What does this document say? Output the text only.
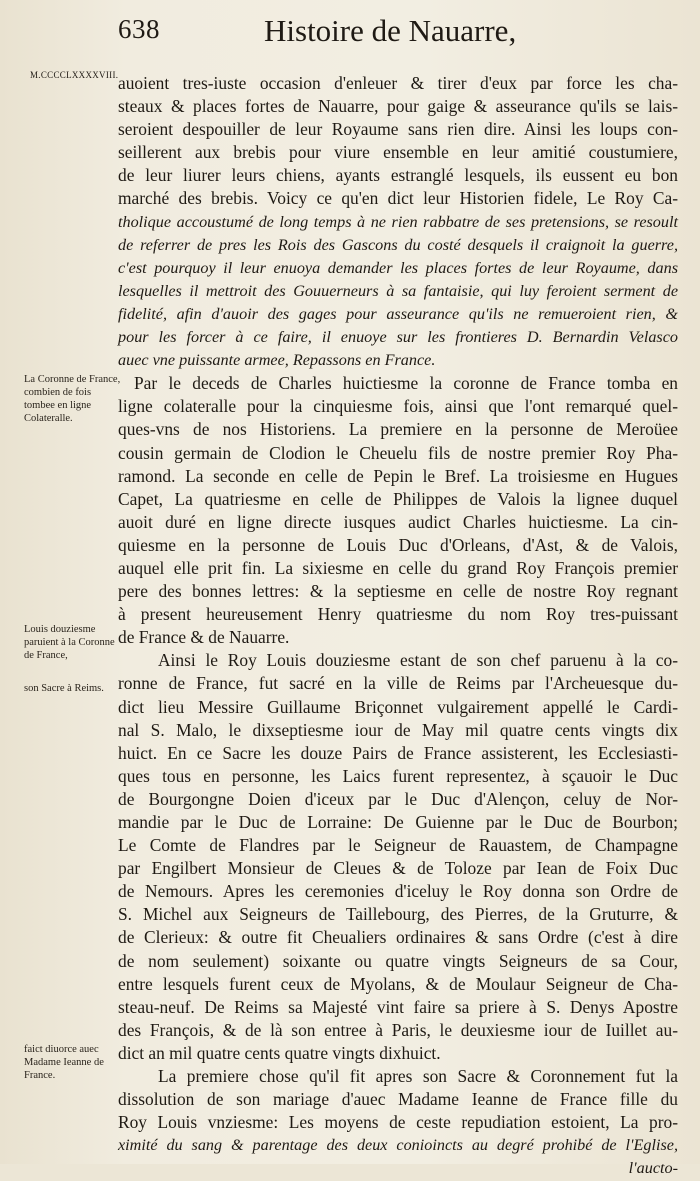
638	Histoire de Nauarre,
M.CCCCLXXXXVIII.
La Coronne de France, combien de fois tombee en ligne Colateralle.
Louis douziesme paruient à la Coronne de France,
son Sacre à Reims.
faict diuorce auec Madame Ieanne de France.
auoient tres-iuste occasion d'enleuer & tirer d'eux par force les cha-
steaux & places fortes de Nauarre, pour gaige & asseurance qu'ils se lais-
seroient despouiller de leur Royaume sans rien dire. Ainsi les loups con-
seillerent aux brebis pour viure ensemble en leur amitié coustumiere,
de leur liurer leurs chiens, ayants estranglé lesquels, ils eussent eu bon
marché des brebis. Voicy ce qu'en dict leur Historien fidele, Le Roy Ca-
tholique accoustumé de long temps à ne rien rabbatre de ses pretensions, se resoult
de referrer de pres les Rois des Gascons du costé desquels il craignoit la guerre,
c'est pourquoy il leur enuoya demander les places fortes de leur Royaume, dans
lesquelles il mettroit des Gouuerneurs à sa fantaisie, qui luy feroient serment de
fidelité, afin d'auoir des gages pour asseurance qu'ils ne remueroient rien, &
pour les forcer à ce faire, il enuoye sur les frontieres D. Bernardin Velasco
auec vne puissante armee, Repassons en France.
Par le deceds de Charles huictiesme la coronne de France tomba en
ligne colateralle pour la cinquiesme fois, ainsi que l'ont remarqué quel-
ques-vns de nos Historiens. La premiere en la personne de Meroüee
cousin germain de Clodion le Cheuelu fils de nostre premier Roy Pha-
ramond. La seconde en celle de Pepin le Bref. La troisiesme en Hugues
Capet, La quatriesme en celle de Philippes de Valois la lignee duquel
auoit duré en ligne directe iusques audict Charles huictiesme. La cin-
quiesme en la personne de Louis Duc d'Orleans, d'Ast, & de Valois,
auquel elle prit fin. La sixiesme en celle du grand Roy François premier
pere des bonnes lettres: & la septiesme en celle de nostre Roy regnant
à present heureusement Henry quatriesme du nom Roy tres-puissant
de France & de Nauarre.
Ainsi le Roy Louis douziesme estant de son chef paruenu à la co-
ronne de France, fut sacré en la ville de Reims par l'Archeuesque du-
dict lieu Messire Guillaume Briçonnet vulgairement appellé le Cardi-
nal S. Malo, le dixseptiesme iour de May mil quatre cents vingts dix
huict. En ce Sacre les douze Pairs de France assisterent, les Ecclesiasti-
ques tous en personne, les Laics furent representez, à sçauoir le Duc
de Bourgongne Doien d'iceux par le Duc d'Alençon, celuy de Nor-
mandie par le Duc de Lorraine: De Guienne par le Duc de Bourbon;
Le Comte de Flandres par le Seigneur de Rauastem, de Champagne
par Engilbert Monsieur de Cleues & de Toloze par Iean de Foix Duc
de Nemours. Apres les ceremonies d'iceluy le Roy donna son Ordre de
S. Michel aux Seigneurs de Taillebourg, des Pierres, de la Gruturre, &
de Clerieux: & outre fit Cheualiers ordinaires & sans Ordre (c'est à dire
de nom seulement) soixante ou quatre vingts Seigneurs de sa Cour,
entre lesquels furent ceux de Myolans, & de Moulaur Seigneur de Cha-
steau-neuf. De Reims sa Majesté vint faire sa priere à S. Denys Apostre
des François, & de là son entree à Paris, le deuxiesme iour de Iuillet au-
dict an mil quatre cents quatre vingts dixhuict.
La premiere chose qu'il fit apres son Sacre & Coronnement fut la
dissolution de son mariage d'auec Madame Ieanne de France fille du
Roy Louis vnziesme: Les moyens de ceste repudiation estoient, La pro-
ximité du sang & parentage des deux conioincts au degré prohibé de l'Eglise,
l'aucto-
